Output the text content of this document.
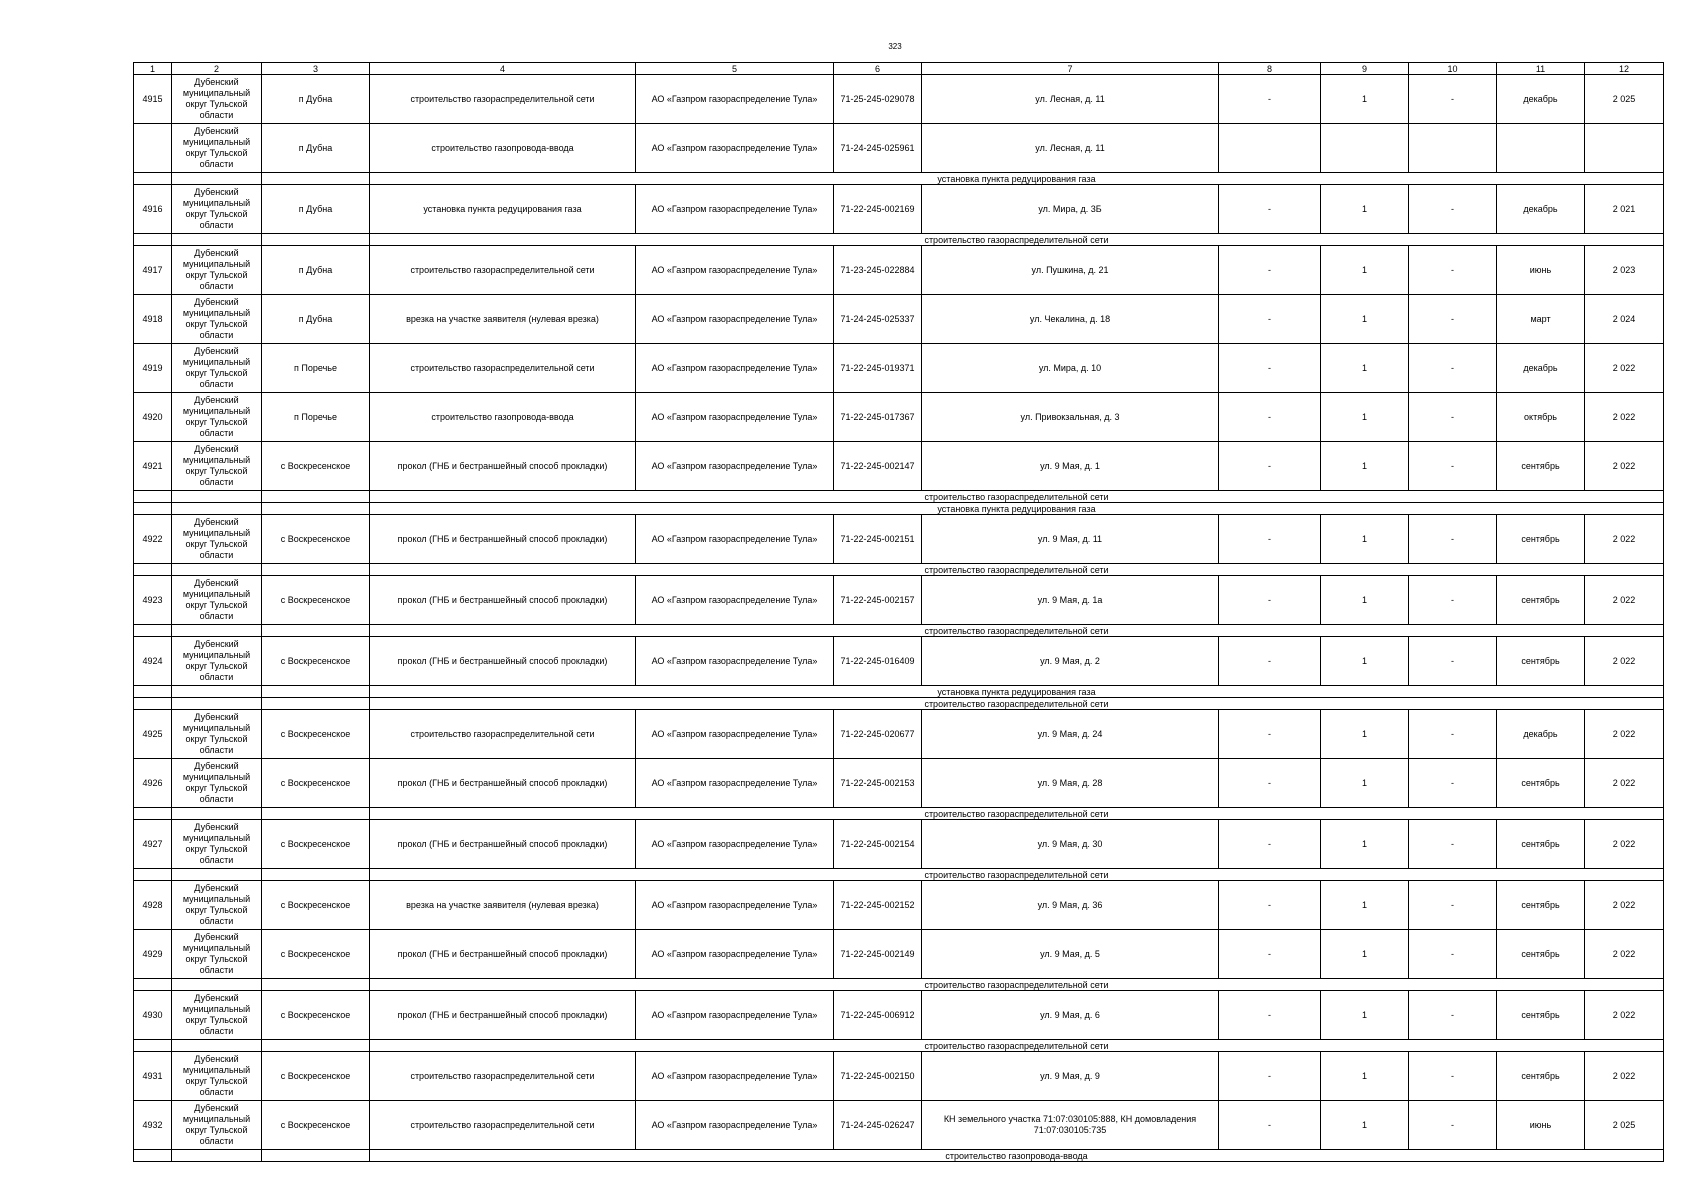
323
1	2	3	4	5	6	7	8	9	10	11	12
4915	Дубенский муниципальный округ Тульской области	п Дубна	строительство газораспределительной сети	АО «Газпром газораспределение Тула»	71-25-245-029078	ул. Лесная, д. 11	-	1	-	декабрь	2 025
	Дубенский муниципальный округ Тульской области	п Дубна	строительство газопровода-ввода	АО «Газпром газораспределение Тула»	71-24-245-025961	ул. Лесная, д. 11					
			установка пункта редуцирования газа								
4916	Дубенский муниципальный округ Тульской области	п Дубна	установка пункта редуцирования газа	АО «Газпром газораспределение Тула»	71-22-245-002169	ул. Мира, д. 3Б	-	1	-	декабрь	2 021
			строительство газораспределительной сети								
4917	Дубенский муниципальный округ Тульской области	п Дубна	строительство газораспределительной сети	АО «Газпром газораспределение Тула»	71-23-245-022884	ул. Пушкина, д. 21	-	1	-	июнь	2 023
4918	Дубенский муниципальный округ Тульской области	п Дубна	врезка на участке заявителя (нулевая врезка)	АО «Газпром газораспределение Тула»	71-24-245-025337	ул. Чекалина, д. 18	-	1	-	март	2 024
4919	Дубенский муниципальный округ Тульской области	п Поречье	строительство газораспределительной сети	АО «Газпром газораспределение Тула»	71-22-245-019371	ул. Мира, д. 10	-	1	-	декабрь	2 022
4920	Дубенский муниципальный округ Тульской области	п Поречье	строительство газопровода-ввода	АО «Газпром газораспределение Тула»	71-22-245-017367	ул. Привокзальная, д. 3	-	1	-	октябрь	2 022
4921	Дубенский муниципальный округ Тульской области	с Воскресенское	прокол (ГНБ и бестраншейный способ прокладки)	АО «Газпром газораспределение Тула»	71-22-245-002147	ул. 9 Мая, д. 1	-	1	-	сентябрь	2 022
			строительство газораспределительной сети								
			установка пункта редуцирования газа								
4922	Дубенский муниципальный округ Тульской области	с Воскресенское	прокол (ГНБ и бестраншейный способ прокладки)	АО «Газпром газораспределение Тула»	71-22-245-002151	ул. 9 Мая, д. 11	-	1	-	сентябрь	2 022
			строительство газораспределительной сети								
4923	Дубенский муниципальный округ Тульской области	с Воскресенское	прокол (ГНБ и бестраншейный способ прокладки)	АО «Газпром газораспределение Тула»	71-22-245-002157	ул. 9 Мая, д. 1а	-	1	-	сентябрь	2 022
			строительство газораспределительной сети								
4924	Дубенский муниципальный округ Тульской области	с Воскресенское	прокол (ГНБ и бестраншейный способ прокладки)	АО «Газпром газораспределение Тула»	71-22-245-016409	ул. 9 Мая, д. 2	-	1	-	сентябрь	2 022
			установка пункта редуцирования газа								
			строительство газораспределительной сети								
4925	Дубенский муниципальный округ Тульской области	с Воскресенское	строительство газораспределительной сети	АО «Газпром газораспределение Тула»	71-22-245-020677	ул. 9 Мая, д. 24	-	1	-	декабрь	2 022
4926	Дубенский муниципальный округ Тульской области	с Воскресенское	прокол (ГНБ и бестраншейный способ прокладки)	АО «Газпром газораспределение Тула»	71-22-245-002153	ул. 9 Мая, д. 28	-	1	-	сентябрь	2 022
			строительство газораспределительной сети								
4927	Дубенский муниципальный округ Тульской области	с Воскресенское	прокол (ГНБ и бестраншейный способ прокладки)	АО «Газпром газораспределение Тула»	71-22-245-002154	ул. 9 Мая, д. 30	-	1	-	сентябрь	2 022
			строительство газораспределительной сети								
4928	Дубенский муниципальный округ Тульской области	с Воскресенское	врезка на участке заявителя (нулевая врезка)	АО «Газпром газораспределение Тула»	71-22-245-002152	ул. 9 Мая, д. 36	-	1	-	сентябрь	2 022
4929	Дубенский муниципальный округ Тульской области	с Воскресенское	прокол (ГНБ и бестраншейный способ прокладки)	АО «Газпром газораспределение Тула»	71-22-245-002149	ул. 9 Мая, д. 5	-	1	-	сентябрь	2 022
			строительство газораспределительной сети								
4930	Дубенский муниципальный округ Тульской области	с Воскресенское	прокол (ГНБ и бестраншейный способ прокладки)	АО «Газпром газораспределение Тула»	71-22-245-006912	ул. 9 Мая, д. 6	-	1	-	сентябрь	2 022
			строительство газораспределительной сети								
4931	Дубенский муниципальный округ Тульской области	с Воскресенское	строительство газораспределительной сети	АО «Газпром газораспределение Тула»	71-22-245-002150	ул. 9 Мая, д. 9	-	1	-	сентябрь	2 022
4932	Дубенский муниципальный округ Тульской области	с Воскресенское	строительство газораспределительной сети	АО «Газпром газораспределение Тула»	71-24-245-026247	КН земельного участка 71:07:030105:888, КН домовладения 71:07:030105:735	-	1	-	июнь	2 025
			строительство газопровода-ввода								
